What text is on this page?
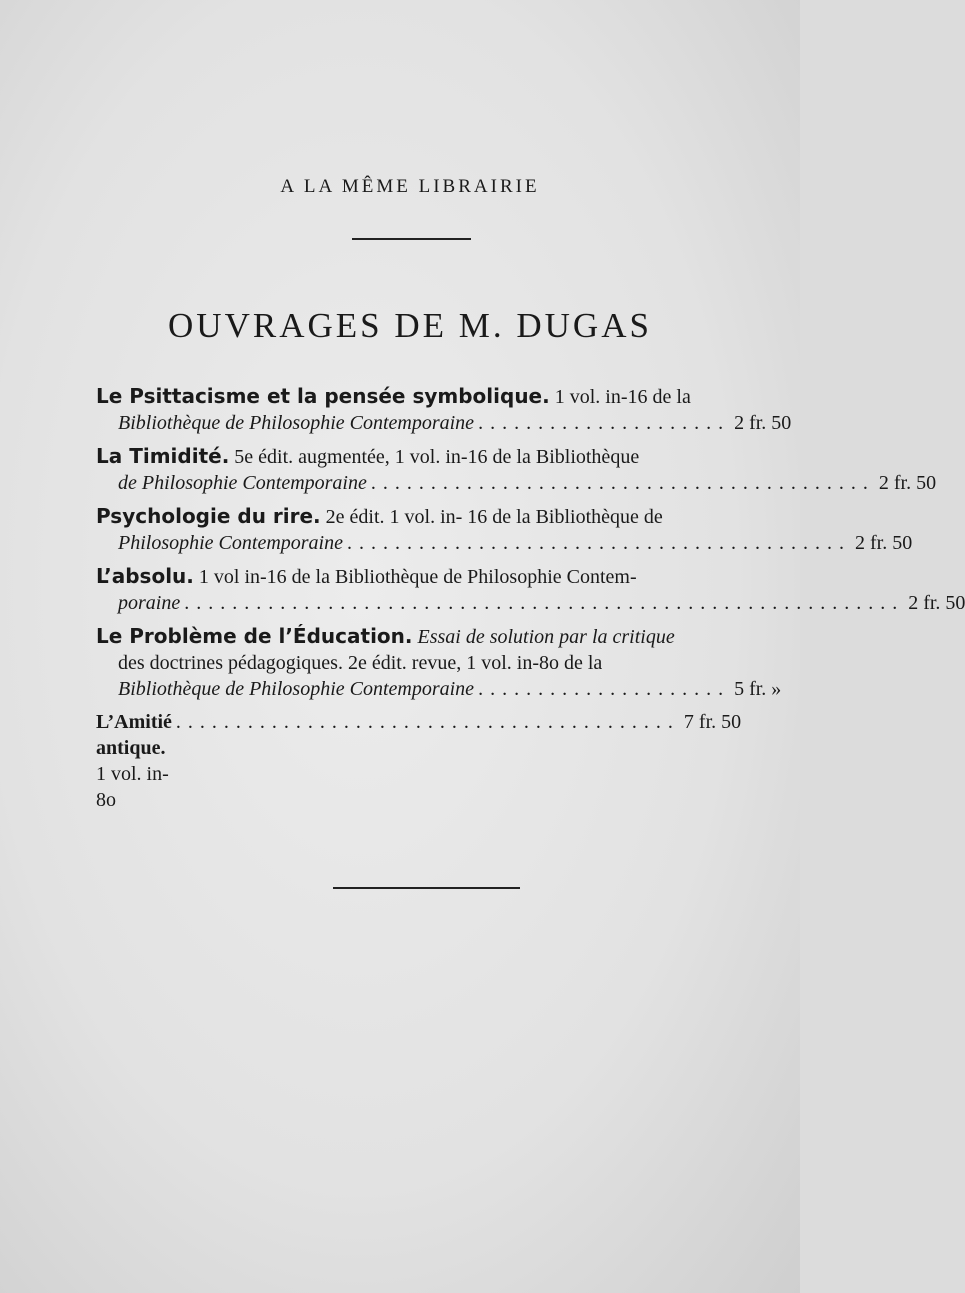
A LA MÊME LIBRAIRIE
OUVRAGES DE M. DUGAS
Le Psittacisme et la pensée symbolique. 1 vol. in-16 de la
Bibliothèque de Philosophie Contemporaine ..................... 2 fr. 50
La Timidité. 5e édit. augmentée, 1 vol. in-16 de la Bibliothèque
de Philosophie Contemporaine .......................................... 2 fr. 50
Psychologie du rire. 2e édit. 1 vol. in- 16 de la Bibliothèque de
Philosophie Contemporaine .......................................... 2 fr. 50
L’absolu. 1 vol in-16 de la Bibliothèque de Philosophie Contem-
poraine ............................................................ 2 fr. 50
Le Problème de l’Éducation. Essai de solution par la critique
des doctrines pédagogiques. 2e édit. revue, 1 vol. in-8o de la
Bibliothèque de Philosophie Contemporaine ..................... 5 fr. »
L’Amitié antique. 1 vol. in-8o
.......................................... 7 fr. 50
